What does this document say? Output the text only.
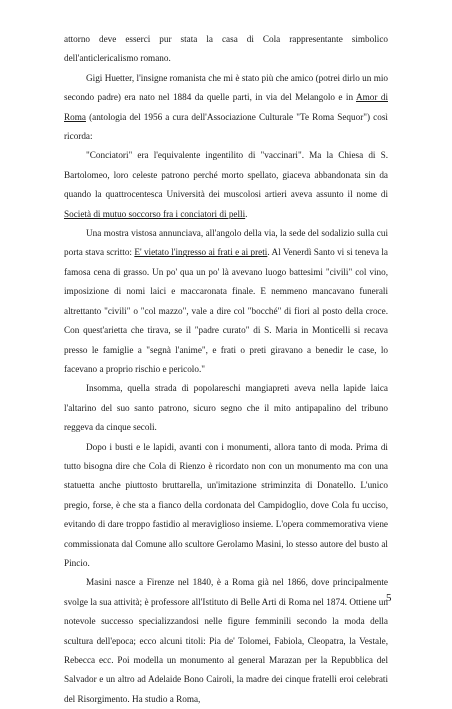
attorno deve esserci pur stata la casa di Cola rappresentante simbolico dell'anticlericalismo romano.

Gigi Huetter, l'insigne romanista che mi è stato più che amico (potrei dirlo un mio secondo padre) era nato nel 1884 da quelle parti, in via del Melangolo e in Amor di Roma (antologia del 1956 a cura dell'Associazione Culturale "Te Roma Sequor") così ricorda:

"Conciatori" era l'equivalente ingentilito di "vaccinari". Ma la Chiesa di S. Bartolomeo, loro celeste patrono perché morto spellato, giaceva abbandonata sin da quando la quattrocentesca Università dei muscolosi artieri aveva assunto il nome di Società di mutuo soccorso fra i conciatori di pelli.

Una mostra vistosa annunciava, all'angolo della via, la sede del sodalizio sulla cui porta stava scritto: E' vietato l'ingresso ai frati e ai preti. Al Venerdì Santo vi si teneva la famosa cena di grasso. Un po' qua un po' là avevano luogo battesimi "civili" col vino, imposizione di nomi laici e maccaronata finale. E nemmeno mancavano funerali altrettanto "civili" o "col mazzo", vale a dire col "bocché" di fiori al posto della croce. Con quest'arietta che tirava, se il "padre curato" di S. Maria in Monticelli si recava presso le famiglie a "segnà l'anime", e frati o preti giravano a benedir le case, lo facevano a proprio rischio e pericolo."

Insomma, quella strada di popolareschi mangiapreti aveva nella lapide laica l'altarino del suo santo patrono, sicuro segno che il mito antipapalino del tribuno reggeva da cinque secoli.

Dopo i busti e le lapidi, avanti con i monumenti, allora tanto di moda. Prima di tutto bisogna dire che Cola di Rienzo è ricordato non con un monumento ma con una statuetta anche piuttosto bruttarella, un'imitazione striminzita di Donatello. L'unico pregio, forse, è che sta a fianco della cordonata del Campidoglio, dove Cola fu ucciso, evitando di dare troppo fastidio al meraviglioso insieme. L'opera commemorativa viene commissionata dal Comune allo scultore Gerolamo Masini, lo stesso autore del busto al Pincio.

Masini nasce a Firenze nel 1840, è a Roma già nel 1866, dove principalmente svolge la sua attività; è professore all'Istituto di Belle Arti di Roma nel 1874. Ottiene un notevole successo specializzandosi nelle figure femminili secondo la moda della scultura dell'epoca; ecco alcuni titoli: Pia de' Tolomei, Fabiola, Cleopatra, la Vestale, Rebecca ecc. Poi modella un monumento al general Marazan per la Repubblica del Salvador e un altro ad Adelaide Bono Cairoli, la madre dei cinque fratelli eroi celebrati del Risorgimento. Ha studio a Roma,

5
